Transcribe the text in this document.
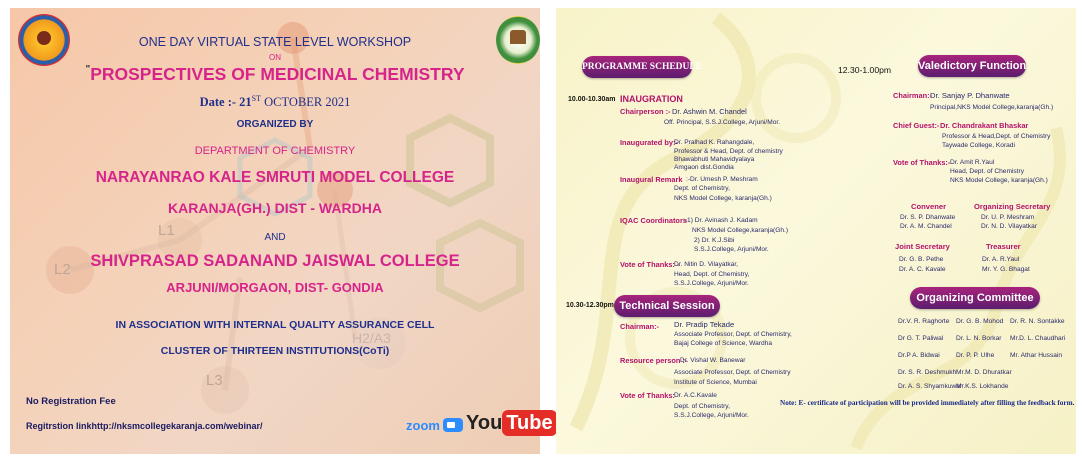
L1
L2
L3
H2/A3
ONE DAY VIRTUAL STATE LEVEL WORKSHOP
ON
"PROSPECTIVES OF MEDICINAL CHEMISTRY
Date :- 21ST OCTOBER 2021
ORGANIZED BY
DEPARTMENT OF CHEMISTRY
NARAYANRAO KALE SMRUTI MODEL COLLEGE
KARANJA(GH.) DIST - WARDHA
AND
SHIVPRASAD SADANAND JAISWAL COLLEGE
ARJUNI/MORGAON, DIST- GONDIA
IN ASSOCIATION WITH INTERNAL QUALITY ASSURANCE CELL
CLUSTER OF THIRTEEN INSTITUTIONS(CoTi)
No Registration Fee
Regitrstion linkhttp://nksmcollegekaranja.com/webinar/	zoom You Tube
PROGRAMME SCHEDULE
10.00-10.30am INAUGRATION
Chairperson :- Dr. Ashwin M. Chandel
Off. Principal, S.S.J.College, Arjuni/Mor.
Inaugurated by:-
Dr. Pralhad K. Rahangdale,
Professor & Head, Dept. of chemistry
Bhawabhuti Mahavidyalaya
Amgaon dist.Gondia
Inaugural Remark :-Dr. Umesh P. Meshram
Dept. of Chemistry,
NKS Model College, karanja(Gh.)
IQAC Coordinators
:-1) Dr. Avinash J. Kadam
NKS Model College,karanja(Gh.)
2) Dr. K.J.Sibi
S.S.J.College, Arjuni/Mor.
Vote of Thanks: -
Dr. Nitin D. Vilayatkar,
Head, Dept. of Chemistry,
S.S.J.College, Arjuni/Mor.
10.30-12.30pm Technical Session
Chairman:- Dr. Pradip Tekade
Associate Professor, Dept. of Chemistry,
Bajaj College of Science, Wardha
Resource person :-
Dr. Vishal W. Banewar
Associate Professor, Dept. of Chemistry
Institute of Science, Mumbai
Vote of Thanks: Dr. A.C.Kavale
Dept. of Chemistry,
S.S.J.College, Arjuni/Mor.
12.30-1.00pm Valedictory Function
Chairman:-
Dr. Sanjay P. Dhanwate
Principal,NKS Model College,karanja(Gh.)
Chief Guest:- Dr. Chandrakant Bhaskar
Professor & Head,Dept. of Chemistry
Taywade College, Koradi
Vote of Thanks:- Dr. Amit R.Yaul
Head, Dept. of Chemistry
NKS Model College, karanja(Gh.)
Convener
Dr. S. P. Dhanwate
Dr. A. M. Chandel
Organizing Secretary
Dr. U. P. Meshram
Dr. N. D. Vilayatkar
Joint Secretary
Dr. G. B. Pethe
Dr. A. C. Kavale
Treasurer
Dr. A. R.Yaul
Mr. Y. G. Bhagat
Organizing Committee
Dr.V. R. Raghorte Dr. G. B. Mohod Dr. R. N. Sontakke
Dr G. T. Paliwal Dr. L. N. Borkar Mr.D. L. Chaudhari
Dr.P A. Bidwai Dr. P. P. Ulhe Mr. Athar Hussain
Dr. S. R. Deshmukh Mr.M. D. Dhuratkar
Dr. A. S. Shyamkuwar
Mr.K.S. Lokhande
Note: E- certificate of participation will be provided immediately after filling the feedback form.
